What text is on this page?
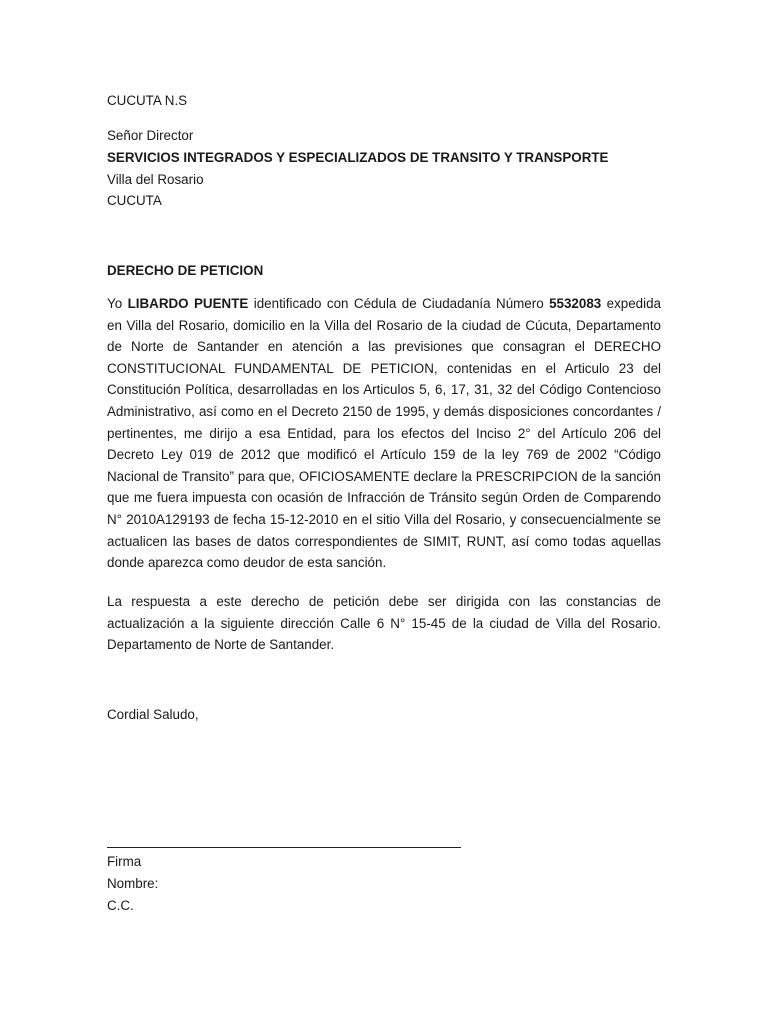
CUCUTA N.S
Señor Director
SERVICIOS INTEGRADOS Y ESPECIALIZADOS DE TRANSITO Y TRANSPORTE
Villa del Rosario
CUCUTA
DERECHO DE PETICION
Yo LIBARDO PUENTE identificado con Cédula de Ciudadanía Número 5532083 expedida en Villa del Rosario, domicilio en la Villa del Rosario de la ciudad de Cúcuta, Departamento de Norte de Santander en atención a las previsiones que consagran el DERECHO CONSTITUCIONAL FUNDAMENTAL DE PETICION, contenidas en el Articulo 23 del Constitución Política, desarrolladas en los Articulos 5, 6, 17, 31, 32 del Código Contencioso Administrativo, así como en el Decreto 2150 de 1995, y demás disposiciones concordantes / pertinentes, me dirijo a esa Entidad, para los efectos del Inciso 2° del Artículo 206 del Decreto Ley 019 de 2012 que modificó el Artículo 159 de la ley 769 de 2002 “Código Nacional de Transito” para que, OFICIOSAMENTE declare la PRESCRIPCION de la sanción que me fuera impuesta con ocasión de Infracción de Tránsito según Orden de Comparendo N° 2010A129193 de fecha 15-12-2010 en el sitio Villa del Rosario, y consecuencialmente se actualicen las bases de datos correspondientes de SIMIT, RUNT, así como todas aquellas donde aparezca como deudor de esta sanción.
La respuesta a este derecho de petición debe ser dirigida con las constancias de actualización a la siguiente dirección Calle 6 N° 15-45 de la ciudad de Villa del Rosario. Departamento de Norte de Santander.
Cordial Saludo,
Firma
Nombre:
C.C.
